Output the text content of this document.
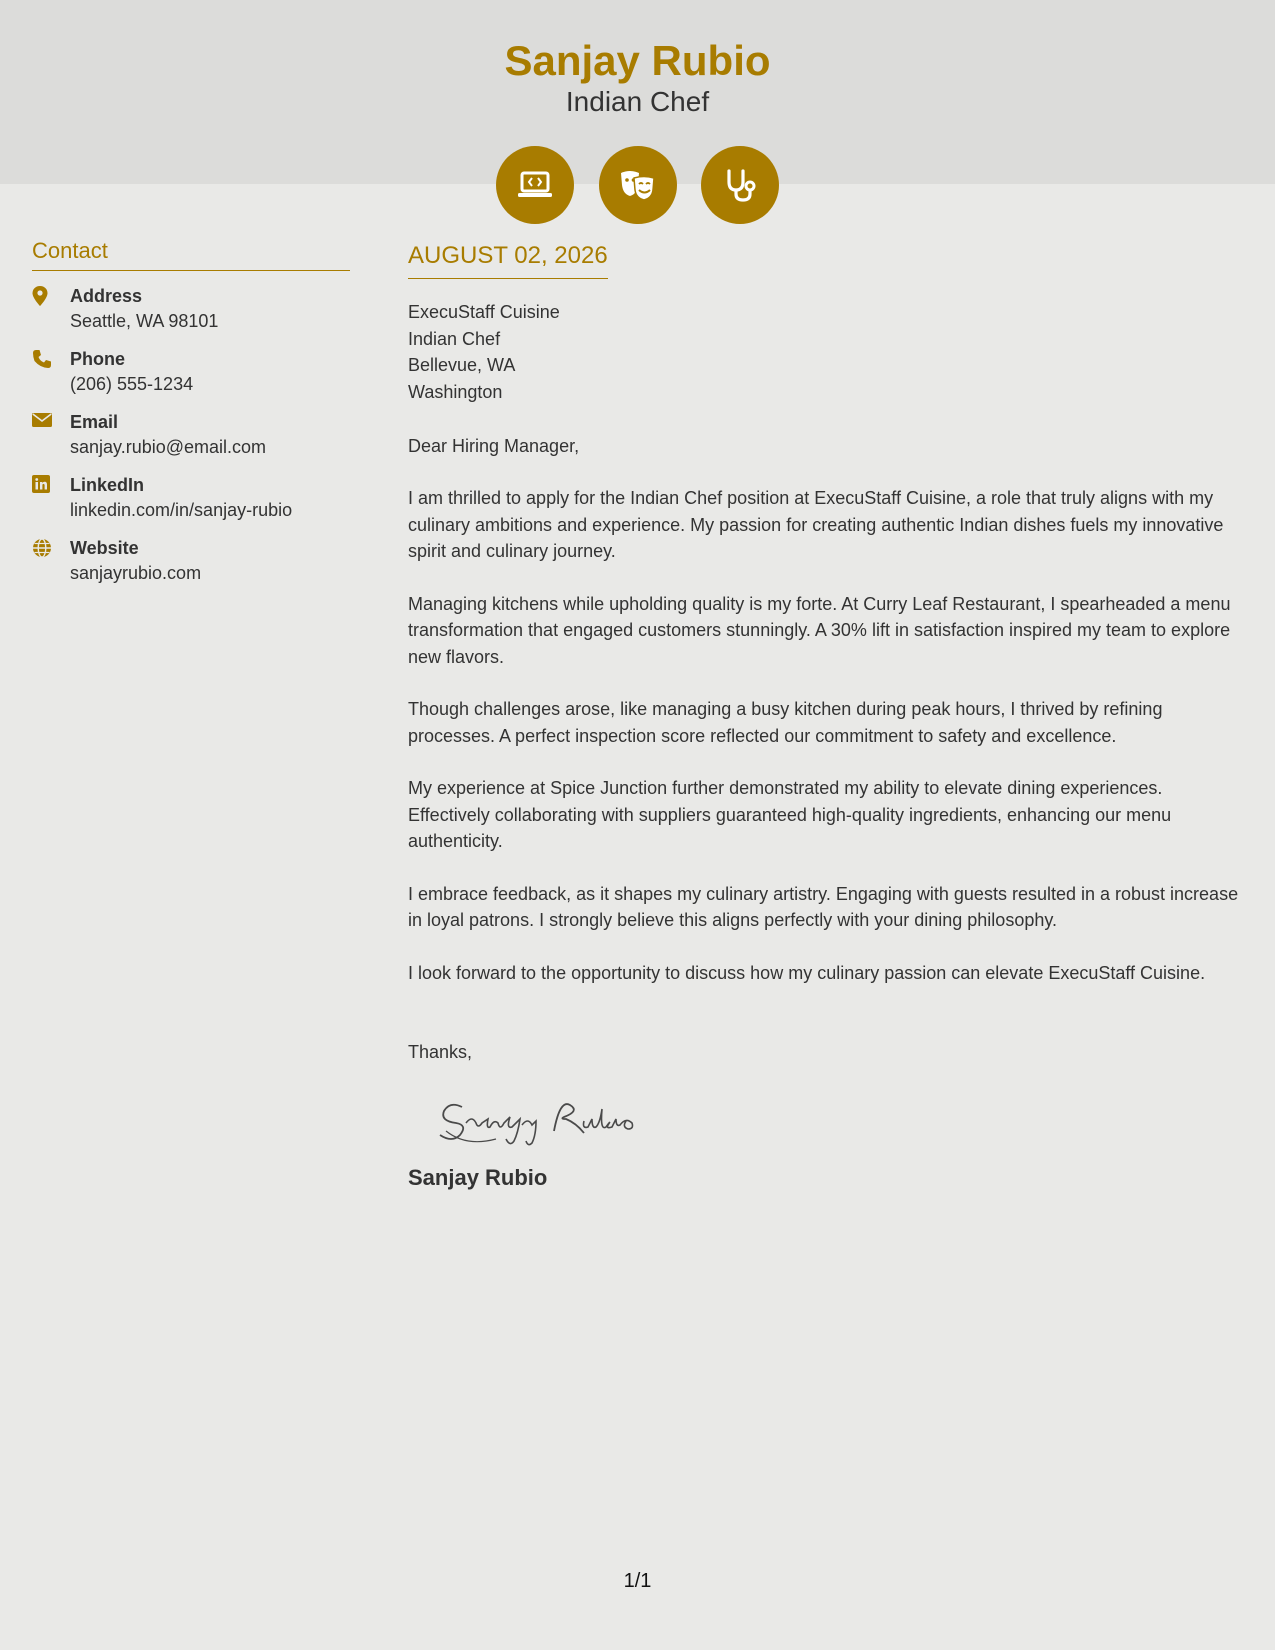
Sanjay Rubio
Indian Chef
Contact
Address
Seattle, WA 98101
Phone
(206) 555-1234
Email
sanjay.rubio@email.com
LinkedIn
linkedin.com/in/sanjay-rubio
Website
sanjayrubio.com
AUGUST 02, 2026
ExecuStaff Cuisine
Indian Chef
Bellevue, WA
Washington
Dear Hiring Manager,
I am thrilled to apply for the Indian Chef position at ExecuStaff Cuisine, a role that truly aligns with my culinary ambitions and experience. My passion for creating authentic Indian dishes fuels my innovative spirit and culinary journey.
Managing kitchens while upholding quality is my forte. At Curry Leaf Restaurant, I spearheaded a menu transformation that engaged customers stunningly. A 30% lift in satisfaction inspired my team to explore new flavors.
Though challenges arose, like managing a busy kitchen during peak hours, I thrived by refining processes. A perfect inspection score reflected our commitment to safety and excellence.
My experience at Spice Junction further demonstrated my ability to elevate dining experiences. Effectively collaborating with suppliers guaranteed high-quality ingredients, enhancing our menu authenticity.
I embrace feedback, as it shapes my culinary artistry. Engaging with guests resulted in a robust increase in loyal patrons. I strongly believe this aligns perfectly with your dining philosophy.
I look forward to the opportunity to discuss how my culinary passion can elevate ExecuStaff Cuisine.
Thanks,
Sanjay Rubio
1/1
